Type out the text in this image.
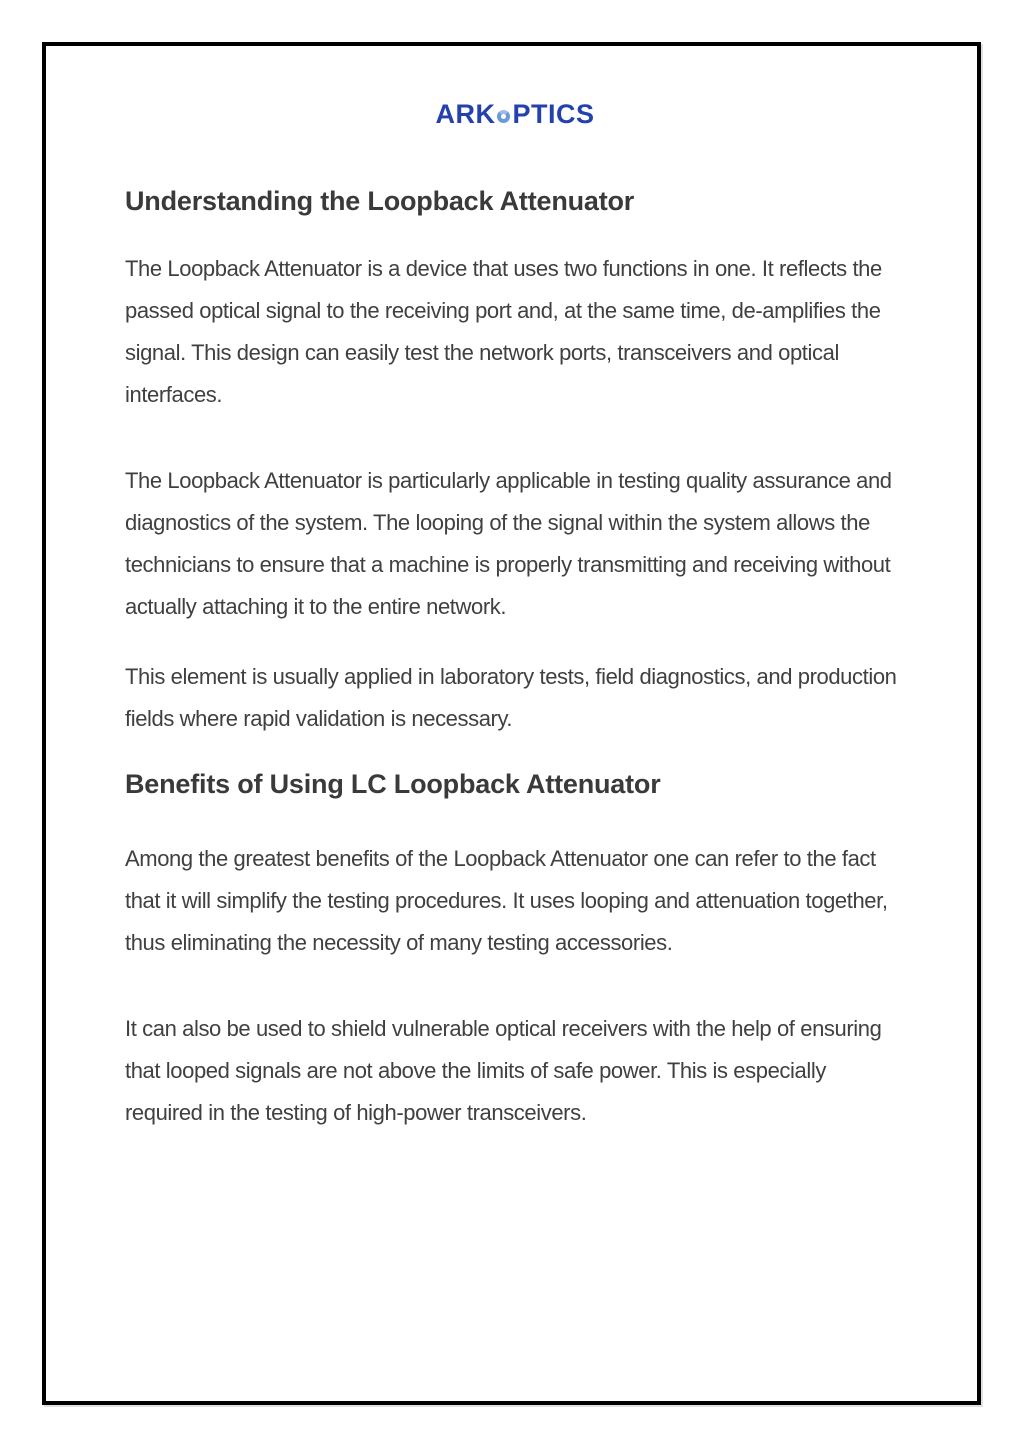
ARK PTICS
Understanding the Loopback Attenuator

The Loopback Attenuator is a device that uses two functions in one. It reflects the passed optical signal to the receiving port and, at the same time, de-amplifies the signal. This design can easily test the network ports, transceivers and optical interfaces.

The Loopback Attenuator is particularly applicable in testing quality assurance and diagnostics of the system. The looping of the signal within the system allows the technicians to ensure that a machine is properly transmitting and receiving without actually attaching it to the entire network.

This element is usually applied in laboratory tests, field diagnostics, and production fields where rapid validation is necessary.

Benefits of Using LC Loopback Attenuator

Among the greatest benefits of the Loopback Attenuator one can refer to the fact that it will simplify the testing procedures. It uses looping and attenuation together, thus eliminating the necessity of many testing accessories.

It can also be used to shield vulnerable optical receivers with the help of ensuring that looped signals are not above the limits of safe power. This is especially required in the testing of high-power transceivers.
